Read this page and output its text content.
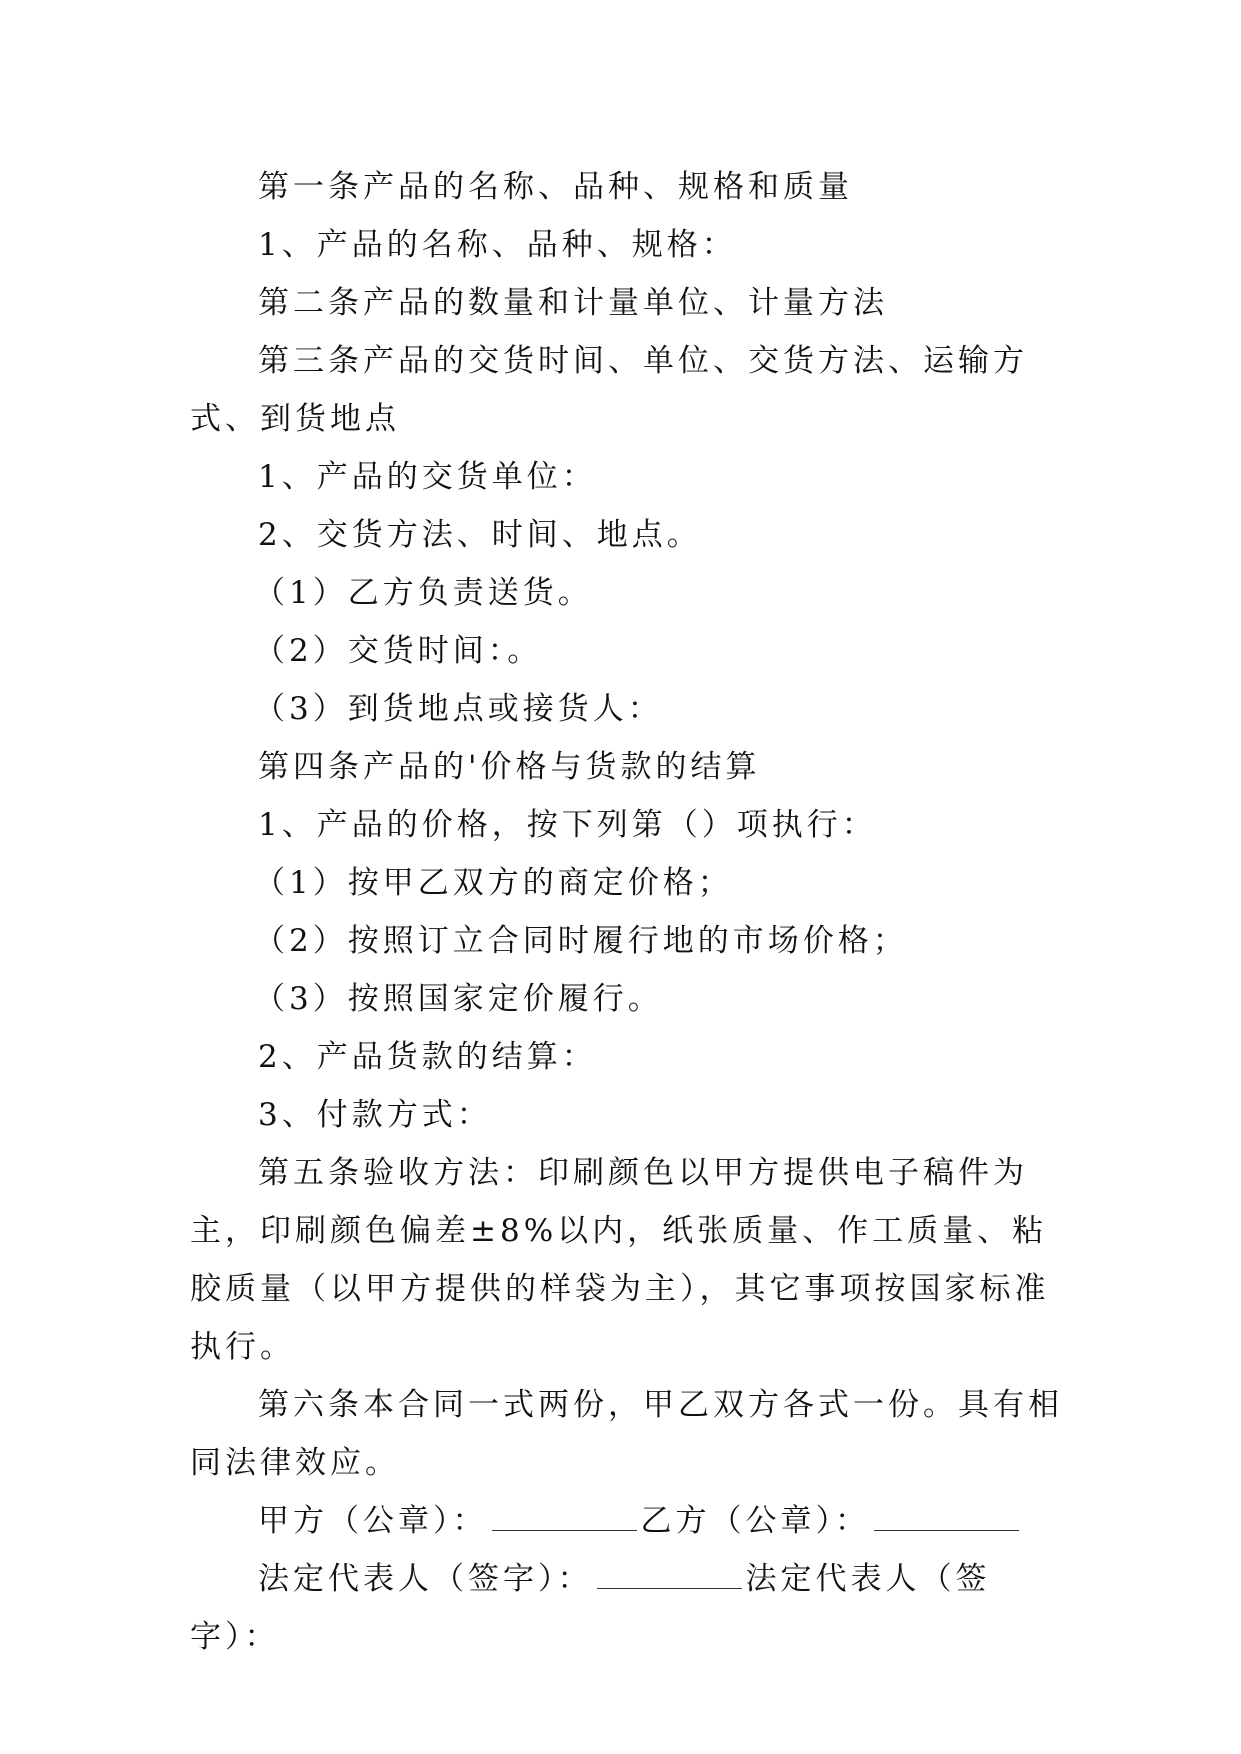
第一条产品的名称、品种、规格和质量

1、产品的名称、品种、规格：

第二条产品的数量和计量单位、计量方法

第三条产品的交货时间、单位、交货方法、运输方式、到货地点

1、产品的交货单位：

2、交货方法、时间、地点。

（1）乙方负责送货。

（2）交货时间：。

（3）到货地点或接货人：

第四条产品的'价格与货款的结算

1、产品的价格，按下列第（）项执行：

（1）按甲乙双方的商定价格；

（2）按照订立合同时履行地的市场价格；

（3）按照国家定价履行。

2、产品货款的结算：

3、付款方式：

第五条验收方法：印刷颜色以甲方提供电子稿件为主，印刷颜色偏差±8%以内，纸张质量、作工质量、粘胶质量（以甲方提供的样袋为主），其它事项按国家标准执行。

第六条本合同一式两份，甲乙双方各式一份。具有相同法律效应。

甲方（公章）：	乙方（公章）：

法定代表人（签字）：	法定代表人（签字）：
